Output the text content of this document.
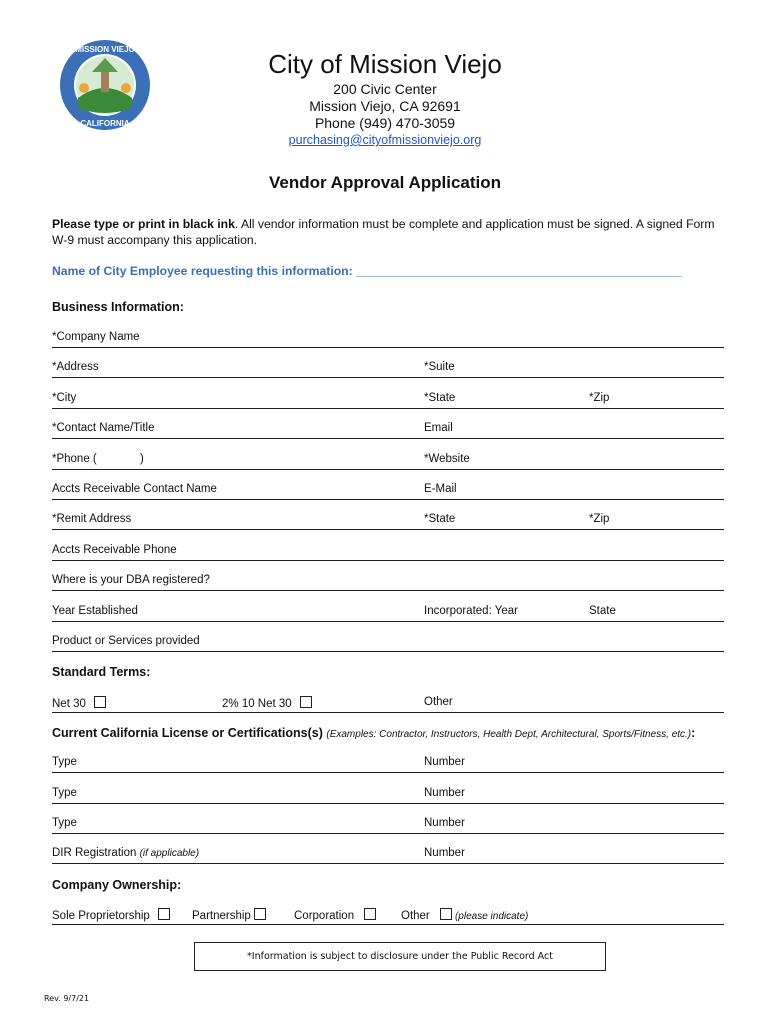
MISSION VIEJO
CALIFORNIA
City of Mission Viejo
200 Civic Center
Mission Viejo, CA 92691
Phone (949) 470-3059
purchasing@cityofmissionviejo.org
Vendor Approval Application
Please type or print in black ink. All vendor information must be complete and application must be signed. A signed Form W-9 must accompany this application.
Name of City Employee requesting this information: ________________________________________________
Business Information:
*Company Name
*Address	*Suite
*City	*State	*Zip
*Contact Name/Title	Email
*Phone (	)	*Website
Accts Receivable Contact Name	E-Mail
*Remit Address	*State	*Zip
Accts Receivable Phone
Where is your DBA registered?
Year Established	Incorporated: Year	State
Product or Services provided
Standard Terms:
Net 30	2% 10 Net 30	Other
Current California License or Certifications(s) (Examples: Contractor, Instructors, Health Dept, Architectural, Sports/Fitness, etc.):
Type	Number
Type	Number
Type	Number
DIR Registration (if applicable)	Number
Company Ownership:
Sole Proprietorship	Partnership	Corporation	Other	(please indicate)
*Information is subject to disclosure under the Public Record Act
Rev. 9/7/21
